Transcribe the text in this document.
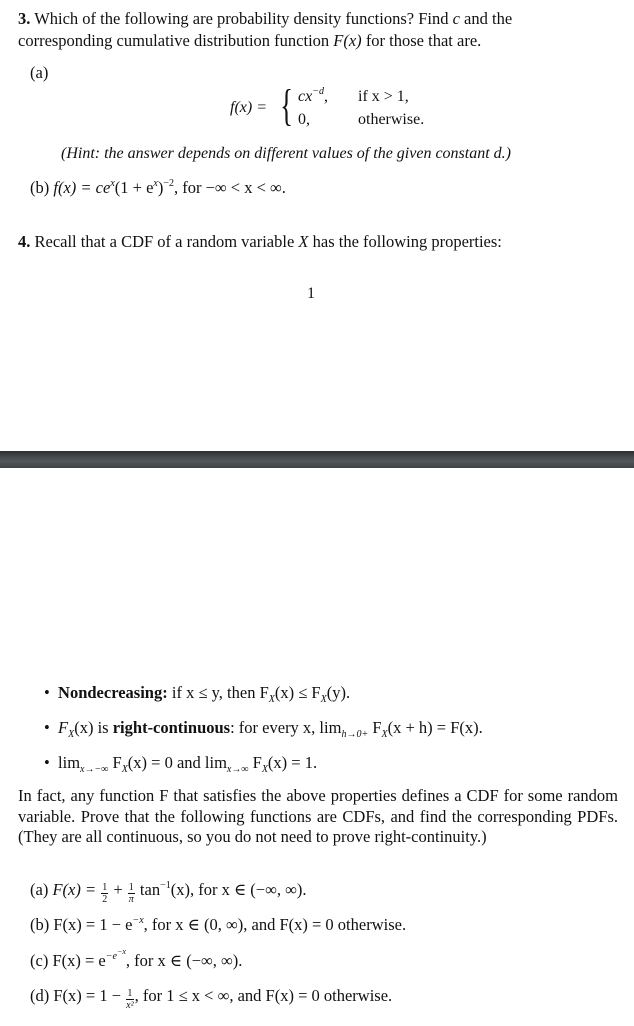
3. Which of the following are probability density functions? Find c and the
corresponding cumulative distribution function F(x) for those that are.
(a)
f(x) = { $cx^{-d}$, if x > 1,
0,	otherwise.
(Hint: the answer depends on different values of the given constant d.)
(b) $f(x) = ce^x(1 + e^x)^{-2}$, for −∞ < x < ∞.
4. Recall that a CDF of a random variable X has the following properties:
1
• Nondecreasing: if x ≤ y, then $F_X(x) \le F_X(y)$.
• $F_X(x)$ is right-continuous: for every x, $\lim_{h\to 0+} F_X(x + h) = F(x)$.
• $\lim_{x\to-\infty} F_X(x) = 0$ and $\lim_{x\to\infty} F_X(x) = 1$.
In fact, any function F that satisfies the above properties defines a CDF for some random variable. Prove that the following functions are CDFs, and find the corresponding PDFs. (They are all continuous, so you do not need to prove right-continuity.)
(a) $F(x) = \frac{1}{2} + \frac{1}{\pi} \tan^{-1}(x)$, for x ∈ (−∞, ∞).
(b) $F(x) = 1 - e^{-x}$, for x ∈ (0, ∞), and F(x) = 0 otherwise.
(c) $F(x) = e^{-e^{-x}}$, for x ∈ (−∞, ∞).
(d) $F(x) = 1 - \frac{1}{\text{x²}}$ , for 1 ≤ x < ∞, and F(x) = 0 otherwise.
